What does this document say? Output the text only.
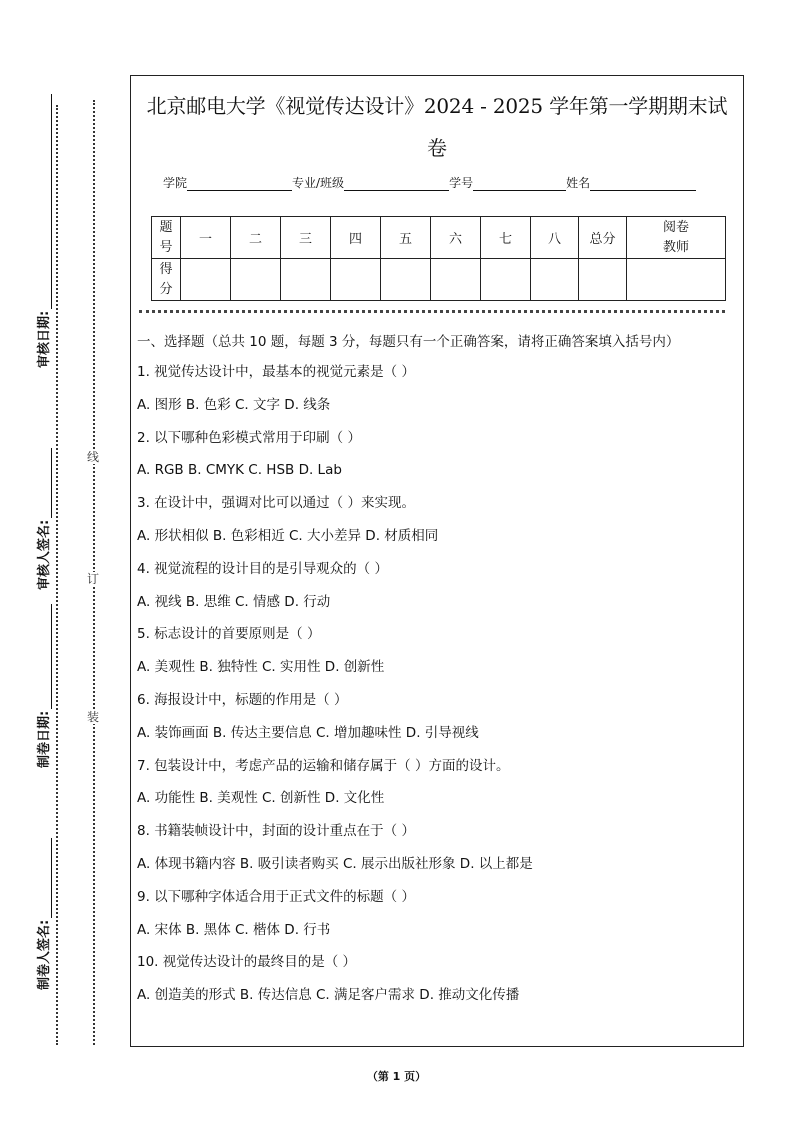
审核日期:
审核人签名:
制卷日期:
制卷人签名:
线
订
装
北京邮电大学《视觉传达设计》2024 - 2025 学年第一学期期末试
卷
学院	专业/班级	学号	姓名
题号	一	二	三	四	五	六	七	八	总分	阅卷教师
得分										
一、选择题（总共 10 题，每题 3 分，每题只有一个正确答案，请将正确答案填入括号内）
1. 视觉传达设计中，最基本的视觉元素是（ ）
A. 图形 B. 色彩 C. 文字 D. 线条
2. 以下哪种色彩模式常用于印刷（ ）
A. RGB B. CMYK C. HSB D. Lab
3. 在设计中，强调对比可以通过（ ）来实现。
A. 形状相似 B. 色彩相近 C. 大小差异 D. 材质相同
4. 视觉流程的设计目的是引导观众的（ ）
A. 视线 B. 思维 C. 情感 D. 行动
5. 标志设计的首要原则是（ ）
A. 美观性 B. 独特性 C. 实用性 D. 创新性
6. 海报设计中，标题的作用是（ ）
A. 装饰画面 B. 传达主要信息 C. 增加趣味性 D. 引导视线
7. 包装设计中，考虑产品的运输和储存属于（ ）方面的设计。
A. 功能性 B. 美观性 C. 创新性 D. 文化性
8. 书籍装帧设计中，封面的设计重点在于（ ）
A. 体现书籍内容 B. 吸引读者购买 C. 展示出版社形象 D. 以上都是
9. 以下哪种字体适合用于正式文件的标题（ ）
A. 宋体 B. 黑体 C. 楷体 D. 行书
10. 视觉传达设计的最终目的是（ ）
A. 创造美的形式 B. 传达信息 C. 满足客户需求 D. 推动文化传播
（第 1 页）
